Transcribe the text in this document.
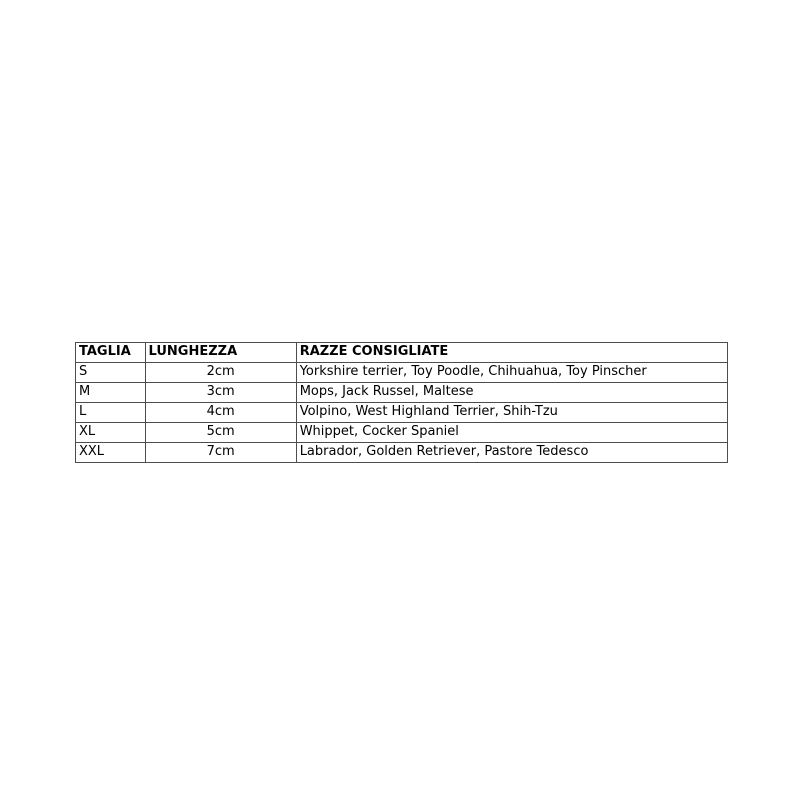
TAGLIA	LUNGHEZZA	RAZZE CONSIGLIATE
S	2cm	Yorkshire terrier, Toy Poodle, Chihuahua, Toy Pinscher
M	3cm	Mops, Jack Russel, Maltese
L	4cm	Volpino, West Highland Terrier, Shih-Tzu
XL	5cm	Whippet, Cocker Spaniel
XXL	7cm	Labrador, Golden Retriever, Pastore Tedesco
